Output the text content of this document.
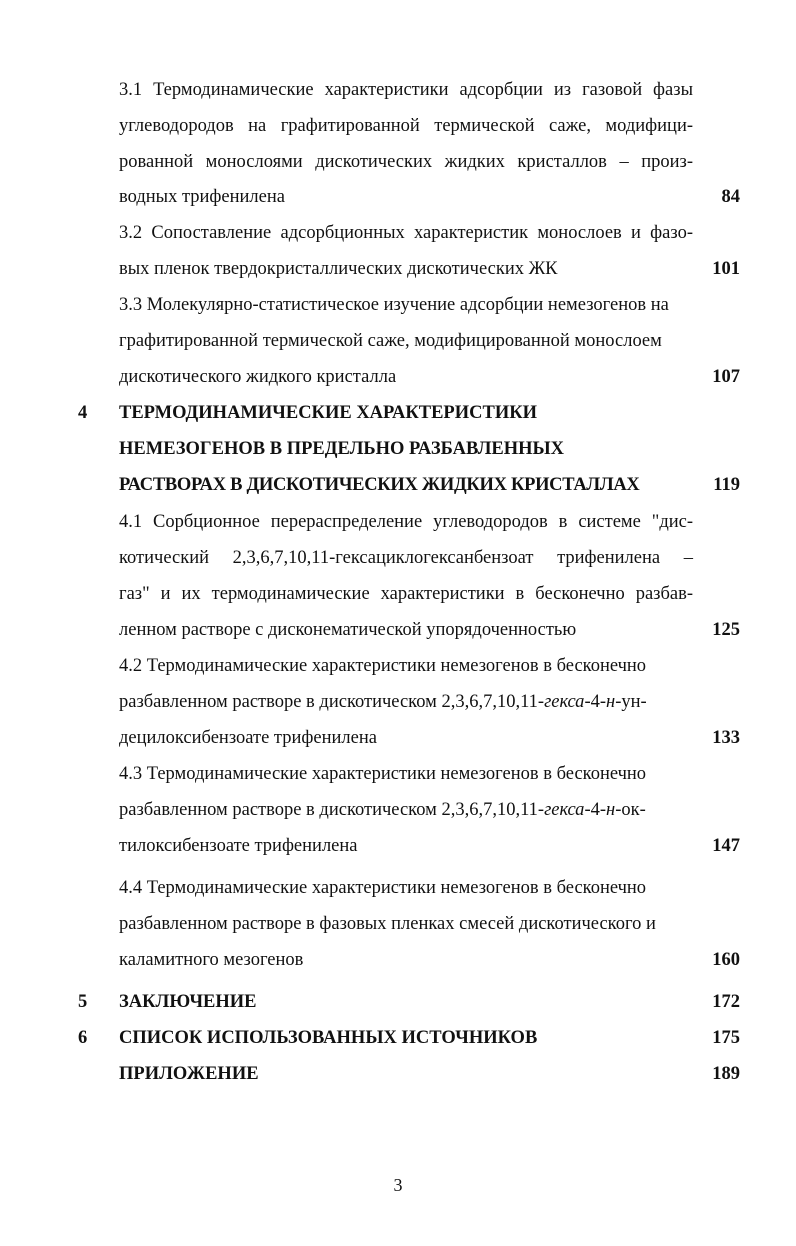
3.1 Термодинамические характеристики адсорбции из газовой фазы
углеводородов на графитированной термической саже, модифици-
рованной монослоями дискотических жидких кристаллов – произ-
водных трифенилена	84
3.2 Сопоставление адсорбционных характеристик монослоев и фазо-
вых пленок твердокристаллических дискотических ЖК	101
3.3 Молекулярно-статистическое изучение адсорбции немезогенов на
графитированной термической саже, модифицированной монослоем
дискотического жидкого кристалла	107
4	ТЕРМОДИНАМИЧЕСКИЕ ХАРАКТЕРИСТИКИ
НЕМЕЗОГЕНОВ В ПРЕДЕЛЬНО РАЗБАВЛЕННЫХ
РАСТВОРАХ В ДИСКОТИЧЕСКИХ ЖИДКИХ КРИСТАЛЛАХ	119
4.1 Сорбционное перераспределение углеводородов в системе "дис-
котический 2,3,6,7,10,11-гексациклогексанбензоат трифенилена –
газ" и их термодинамические характеристики в бесконечно разбав-
ленном растворе с дисконематической упорядоченностью	125
4.2 Термодинамические характеристики немезогенов в бесконечно
разбавленном растворе в дискотическом 2,3,6,7,10,11-гекса-4-н-ун-
децилоксибензоате трифенилена	133
4.3 Термодинамические характеристики немезогенов в бесконечно
разбавленном растворе в дискотическом 2,3,6,7,10,11-гекса-4-н-ок-
тилоксибензоате трифенилена	147
4.4 Термодинамические характеристики немезогенов в бесконечно
разбавленном растворе в фазовых пленках смесей дискотического и
каламитного мезогенов	160
5	ЗАКЛЮЧЕНИЕ	172
6	СПИСОК ИСПОЛЬЗОВАННЫХ ИСТОЧНИКОВ	175
ПРИЛОЖЕНИЕ	189
3
